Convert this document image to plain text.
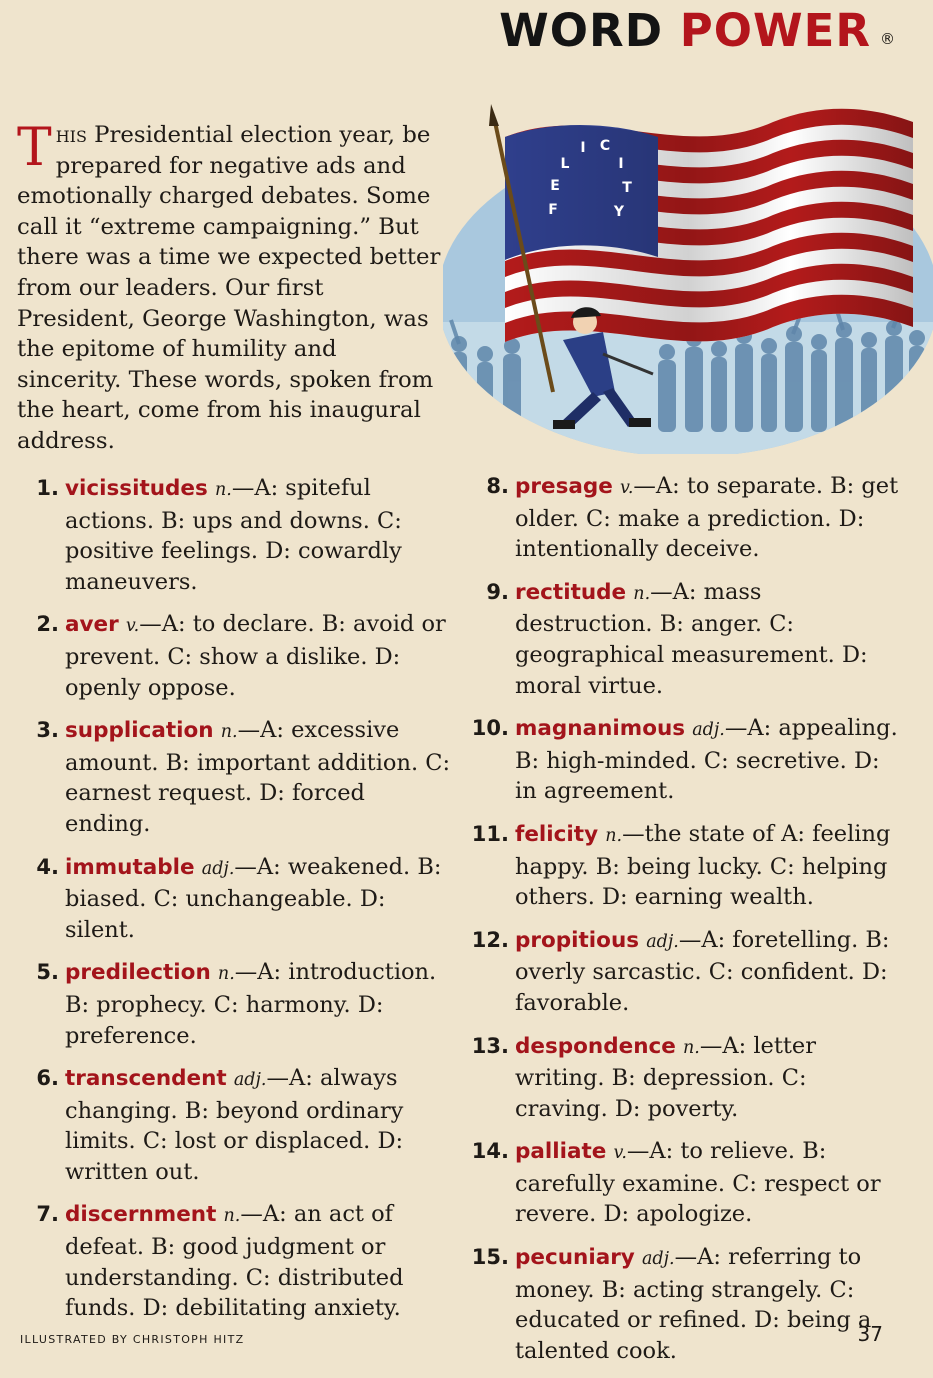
WORD POWER ®
This Presidential election year, be prepared for negative ads and emotionally charged debates. Some call it “extreme campaigning.” But there was a time we expected better from our leaders. Our first President, George Washington, was the epitome of humility and sincerity. These words, spoken from the heart, come from his inaugural address.
F
E
L
I C
I
T
Y
1. vicissitudes n.—A: spiteful actions. B: ups and downs. C: positive feelings. D: cowardly maneuvers.
2. aver v.—A: to declare. B: avoid or prevent. C: show a dislike. D: openly oppose.
3. supplication n.—A: excessive amount. B: important addition. C: earnest request. D: forced ending.
4. immutable adj.—A: weakened. B: biased. C: unchangeable. D: silent.
5. predilection n.—A: introduction. B: prophecy. C: harmony. D: preference.
6. transcendent adj.—A: always changing. B: beyond ordinary limits. C: lost or displaced. D: written out.
7. discernment n.—A: an act of defeat. B: good judgment or understanding. C: distributed funds. D: debilitating anxiety.
8. presage v.—A: to separate. B: get older. C: make a prediction. D: intentionally deceive.
9. rectitude n.—A: mass destruction. B: anger. C: geographical measurement. D: moral virtue.
10. magnanimous adj.—A: appealing. B: high-minded. C: secretive. D: in agreement.
11. felicity n.—the state of A: feeling happy. B: being lucky. C: helping others. D: earning wealth.
12. propitious adj.—A: foretelling. B: overly sarcastic. C: confident. D: favorable.
13. despondence n.—A: letter writing. B: depression. C: craving. D: poverty.
14. palliate v.—A: to relieve. B: carefully examine. C: respect or revere. D: apologize.
15. pecuniary adj.—A: referring to money. B: acting strangely. C: educated or refined. D: being a talented cook.
ILLUSTRATED BY CHRISTOPH HITZ	37
